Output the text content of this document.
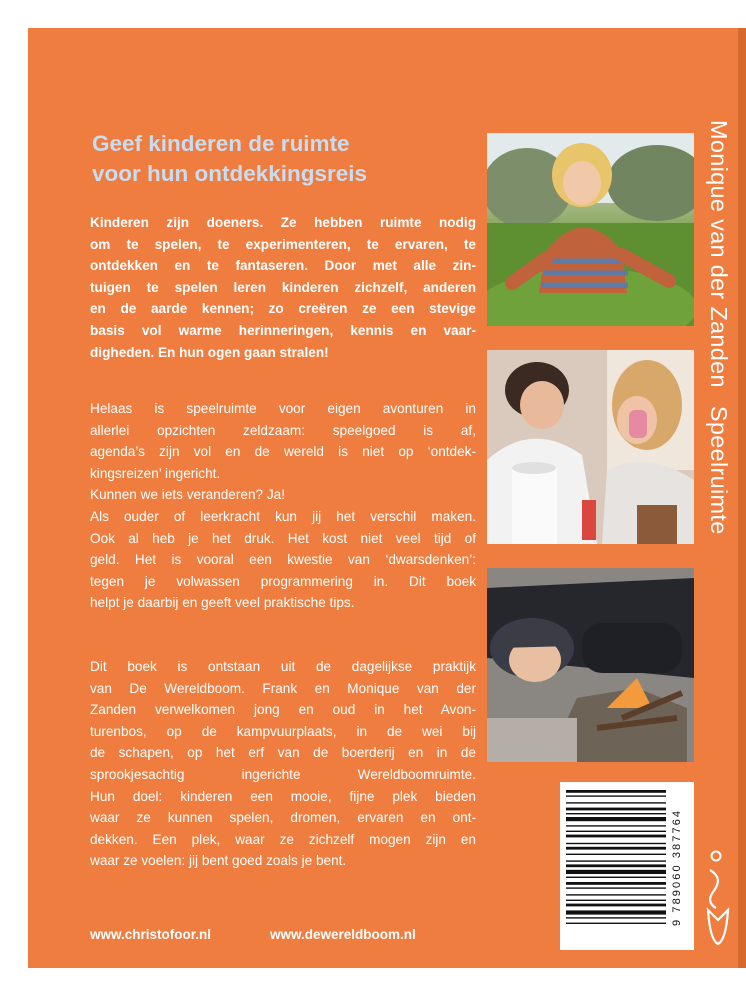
Geef kinderen de ruimte
voor hun ontdekkingsreis

Kinderen zijn doeners. Ze hebben ruimte nodig
om te spelen, te experimenteren, te ervaren, te
ontdekken en te fantaseren. Door met alle zin-
tuigen te spelen leren kinderen zichzelf, anderen
en de aarde kennen; zo creëren ze een stevige
basis vol warme herinneringen, kennis en vaar-
digheden. En hun ogen gaan stralen!

Helaas is speelruimte voor eigen avonturen in
allerlei opzichten zeldzaam: speelgoed is af,
agenda’s zijn vol en de wereld is niet op ‘ontdek-
kingsreizen’ ingericht.
Kunnen we iets veranderen? Ja!
Als ouder of leerkracht kun jij het verschil maken.
Ook al heb je het druk. Het kost niet veel tijd of
geld. Het is vooral een kwestie van ‘dwarsdenken’:
tegen je volwassen programmering in. Dit boek
helpt je daarbij en geeft veel praktische tips.

Dit boek is ontstaan uit de dagelijkse praktijk
van De Wereldboom. Frank en Monique van der
Zanden verwelkomen jong en oud in het Avon-
turenbos, op de kampvuurplaats, in de wei bij
de schapen, op het erf van de boerderij en in de
sprookjesachtig ingerichte Wereldboomruimte.
Hun doel: kinderen een mooie, fijne plek bieden
waar ze kunnen spelen, dromen, ervaren en ont-
dekken. Een plek, waar ze zichzelf mogen zijn en
waar ze voelen: jij bent goed zoals je bent.

www.christofoor.nl	www.dewereldboom.nl
Monique van der ZandenSpeelruimte
9 789060 387764
